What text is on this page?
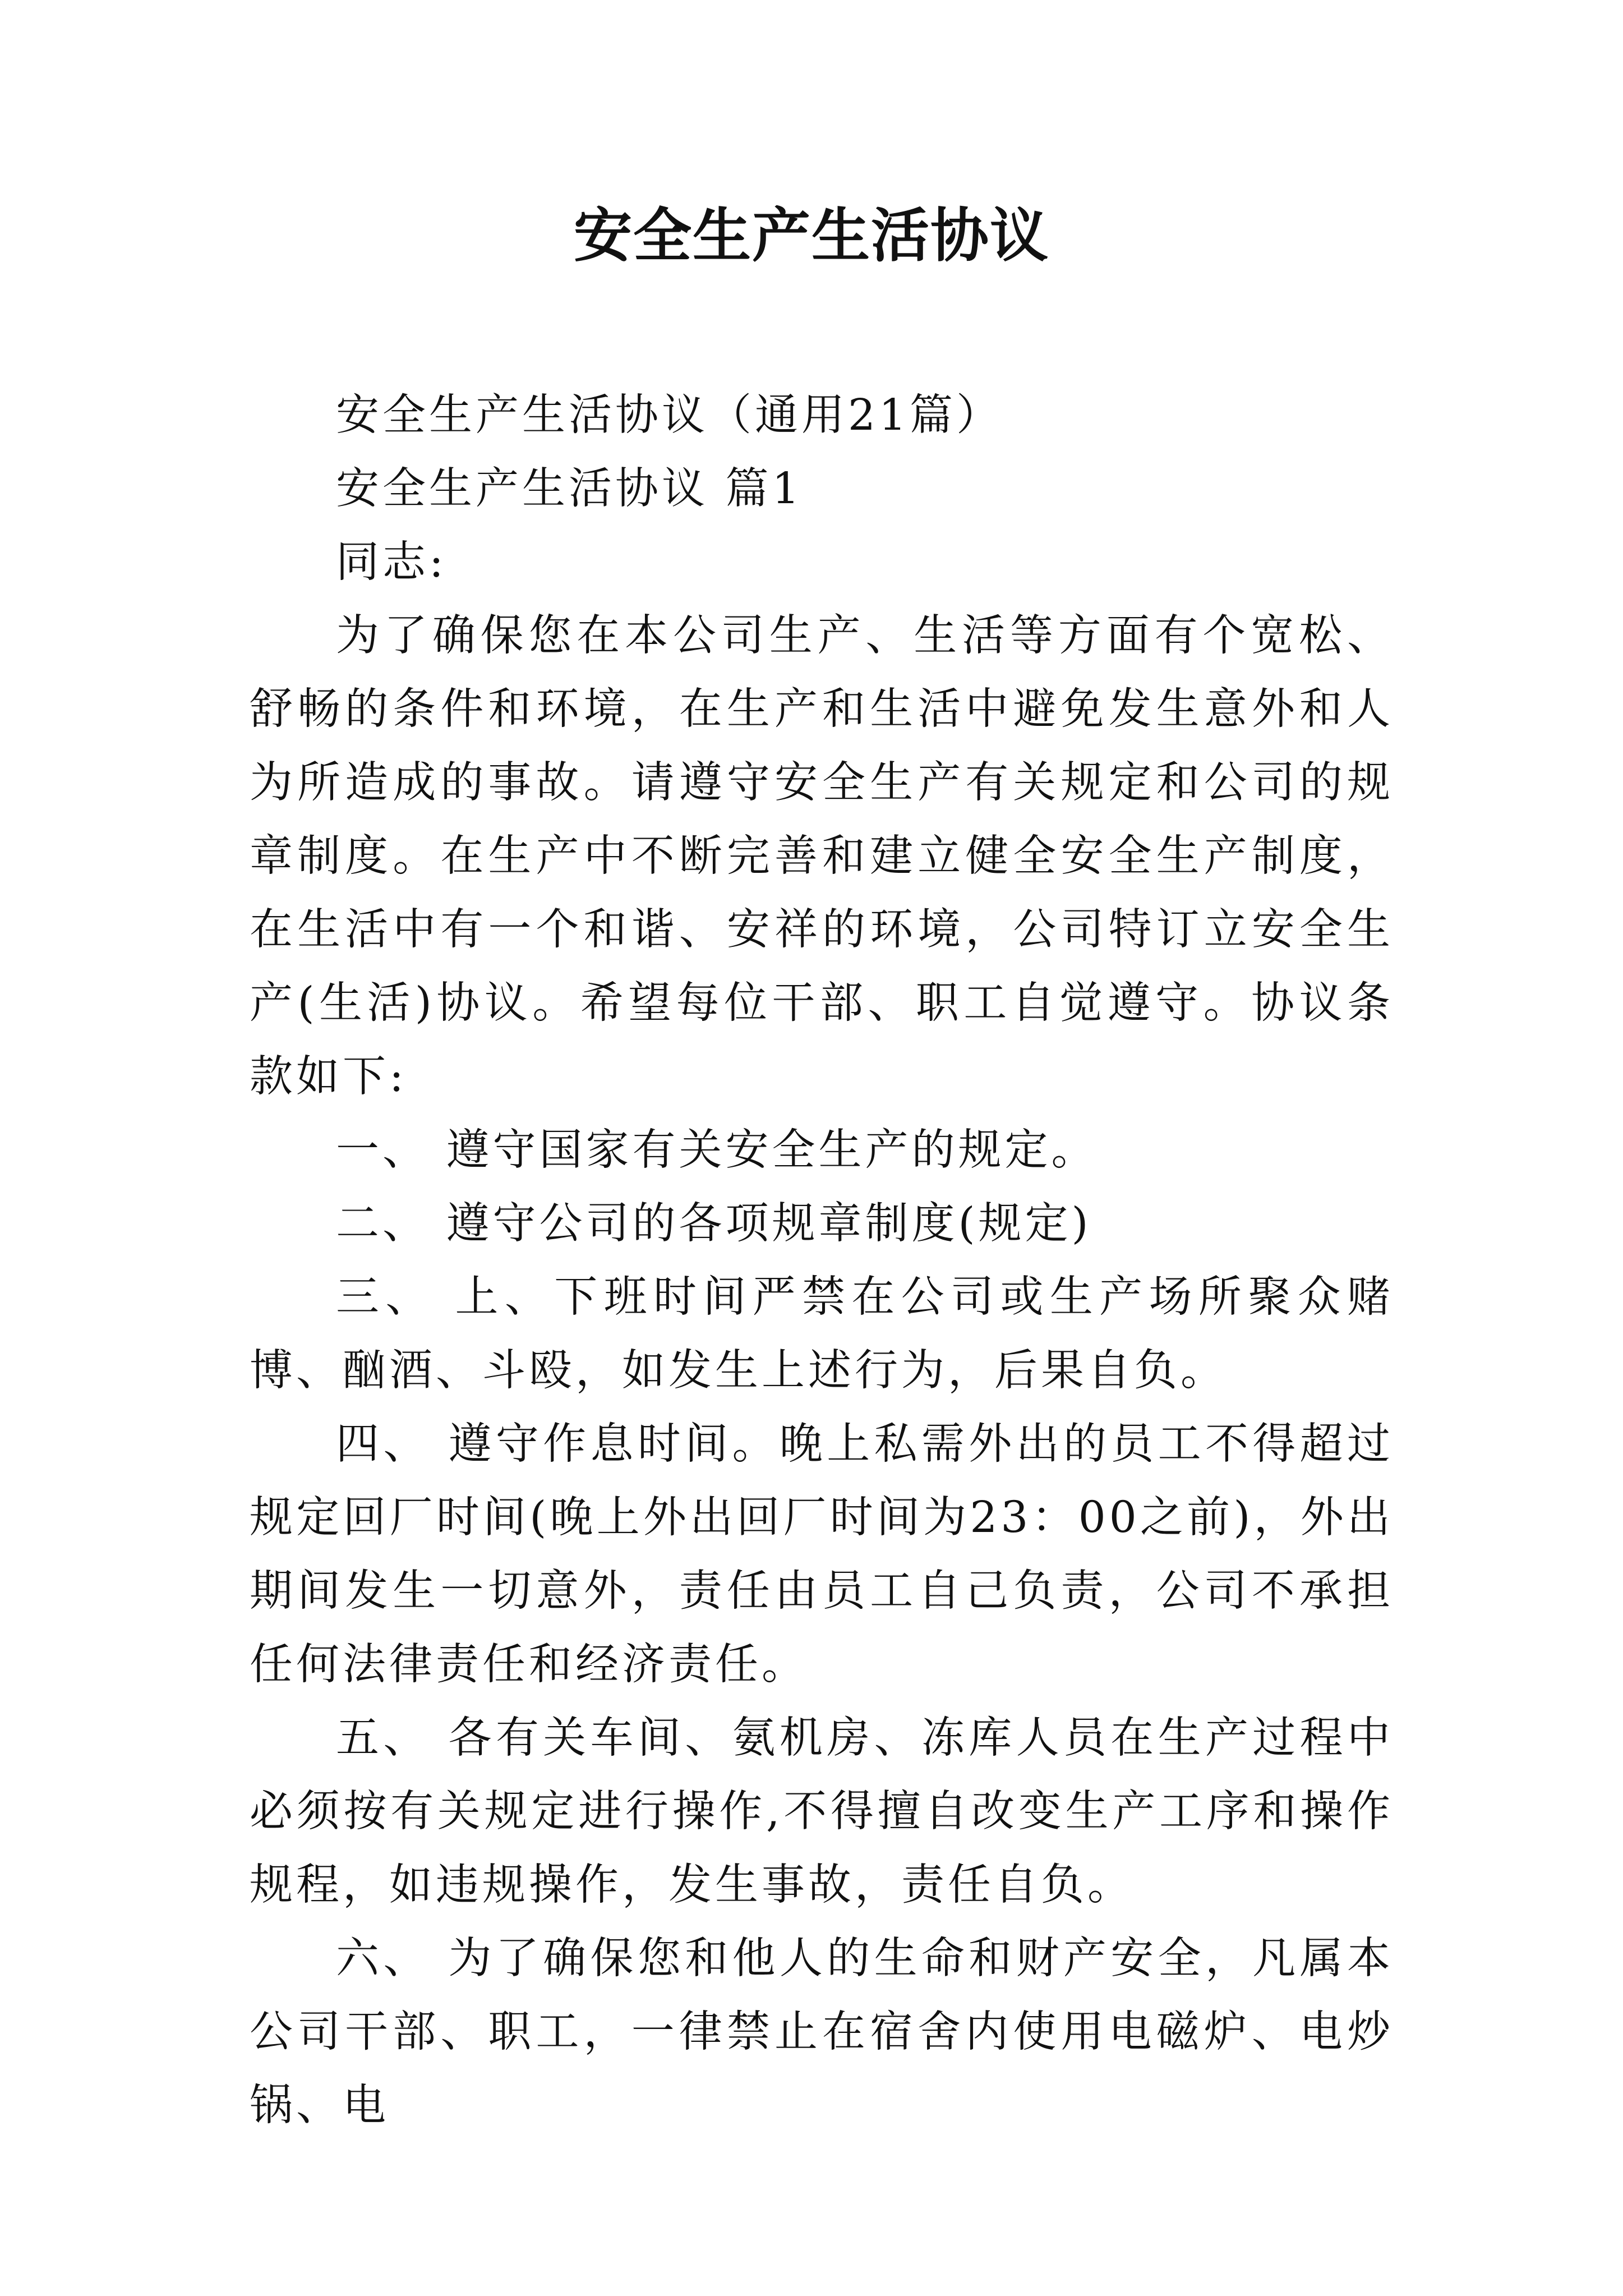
安全生产生活协议

安全生产生活协议（通用21篇）

安全生产生活协议 篇1

同志:

为了确保您在本公司生产、生活等方面有个宽松、舒畅的条件和环境，在生产和生活中避免发生意外和人为所造成的事故。请遵守安全生产有关规定和公司的规章制度。在生产中不断完善和建立健全安全生产制度，在生活中有一个和谐、安祥的环境，公司特订立安全生产(生活)协议。希望每位干部、职工自觉遵守。协议条款如下:

一、 遵守国家有关安全生产的规定。

二、 遵守公司的各项规章制度(规定)

三、 上、下班时间严禁在公司或生产场所聚众赌博、酗酒、斗殴，如发生上述行为，后果自负。

四、 遵守作息时间。晚上私需外出的员工不得超过规定回厂时间(晚上外出回厂时间为23：00之前)，外出期间发生一切意外，责任由员工自己负责，公司不承担任何法律责任和经济责任。

五、 各有关车间、氨机房、冻库人员在生产过程中必须按有关规定进行操作,不得擅自改变生产工序和操作规程，如违规操作，发生事故，责任自负。

六、 为了确保您和他人的生命和财产安全，凡属本公司干部、职工，一律禁止在宿舍内使用电磁炉、电炒锅、电
